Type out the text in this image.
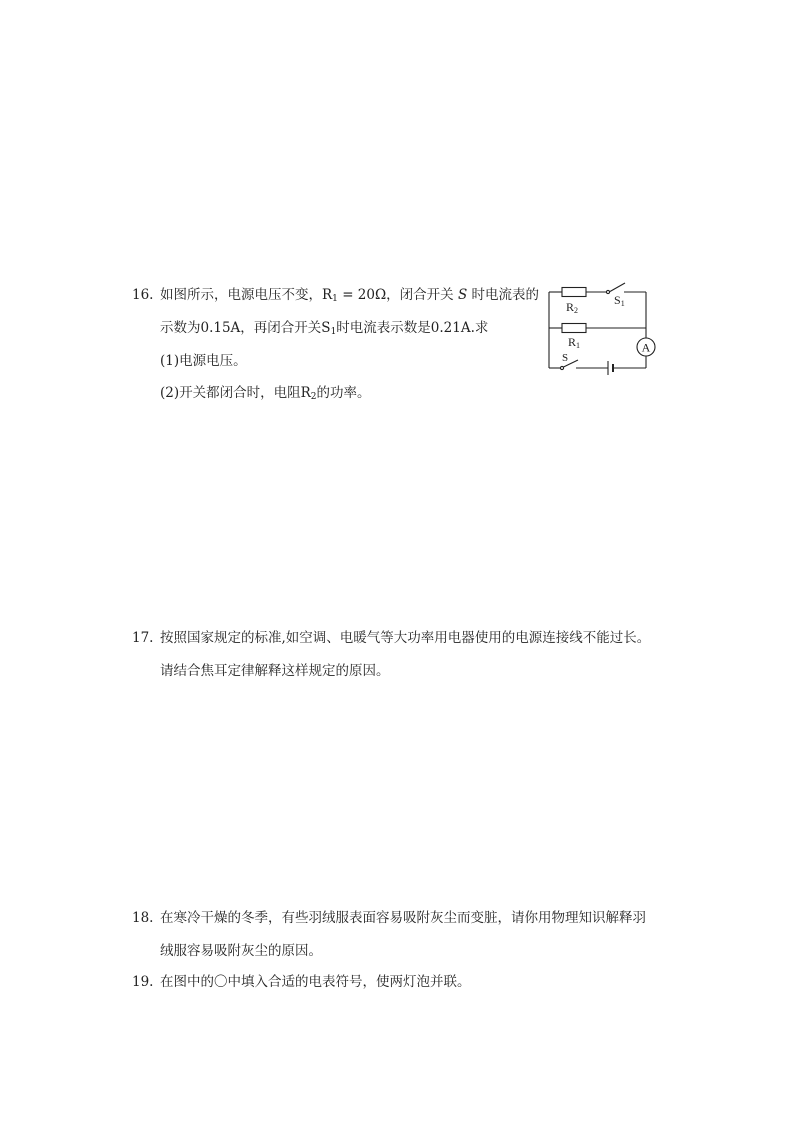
16. 如图所示，电源电压不变，$R_1 = 20\Omega$，闭合开关 S 时电流表的
示数为0.15A，再闭合开关$S_1$时电流表示数是0.21A.求
(1)电源电压。
(2)开关都闭合时，电阻$R_2$的功率。
A
R2
S1
R1
S
17. 按照国家规定的标准,如空调、电暖气等大功率用电器使用的电源连接线不能过长。
请结合焦耳定律解释这样规定的原因。
18. 在寒冷干燥的冬季，有些羽绒服表面容易吸附灰尘而变脏，请你用物理知识解释羽
绒服容易吸附灰尘的原因。
19. 在图中的〇中填入合适的电表符号，使两灯泡并联。
